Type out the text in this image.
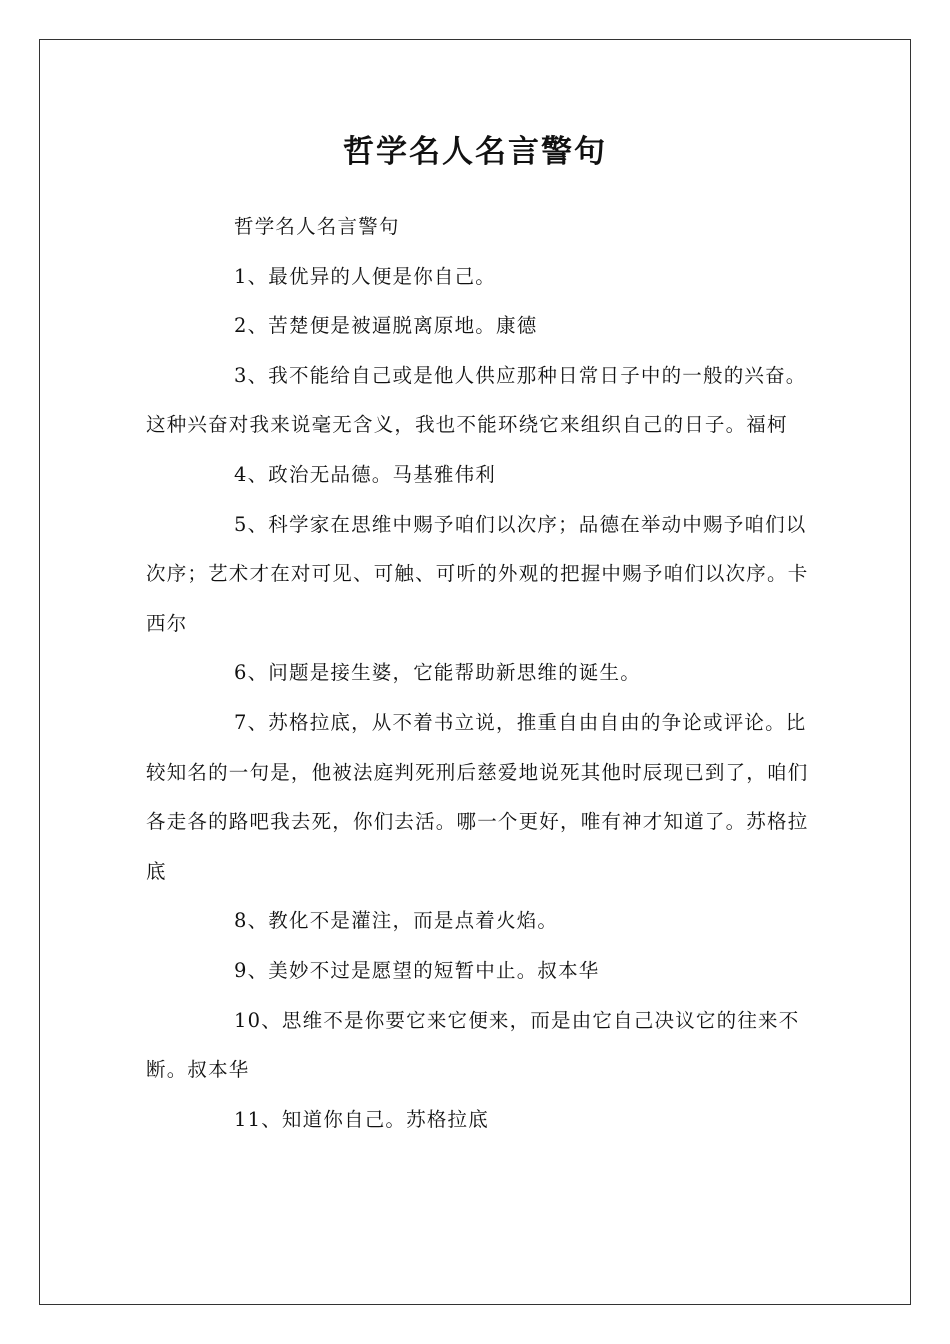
哲学名人名言警句

哲学名人名言警句

1、最优异的人便是你自己。

2、苦楚便是被逼脱离原地。康德

3、我不能给自己或是他人供应那种日常日子中的一般的兴奋。这种兴奋对我来说毫无含义，我也不能环绕它来组织自己的日子。福柯

4、政治无品德。马基雅伟利

5、科学家在思维中赐予咱们以次序；品德在举动中赐予咱们以次序；艺术才在对可见、可触、可听的外观的把握中赐予咱们以次序。卡西尔

6、问题是接生婆，它能帮助新思维的诞生。

7、苏格拉底，从不着书立说，推重自由自由的争论或评论。比较知名的一句是，他被法庭判死刑后慈爱地说死其他时辰现已到了，咱们各走各的路吧我去死，你们去活。哪一个更好，唯有神才知道了。苏格拉底

8、教化不是灌注，而是点着火焰。

9、美妙不过是愿望的短暂中止。叔本华

10、思维不是你要它来它便来，而是由它自己决议它的往来不断。叔本华

11、知道你自己。苏格拉底
